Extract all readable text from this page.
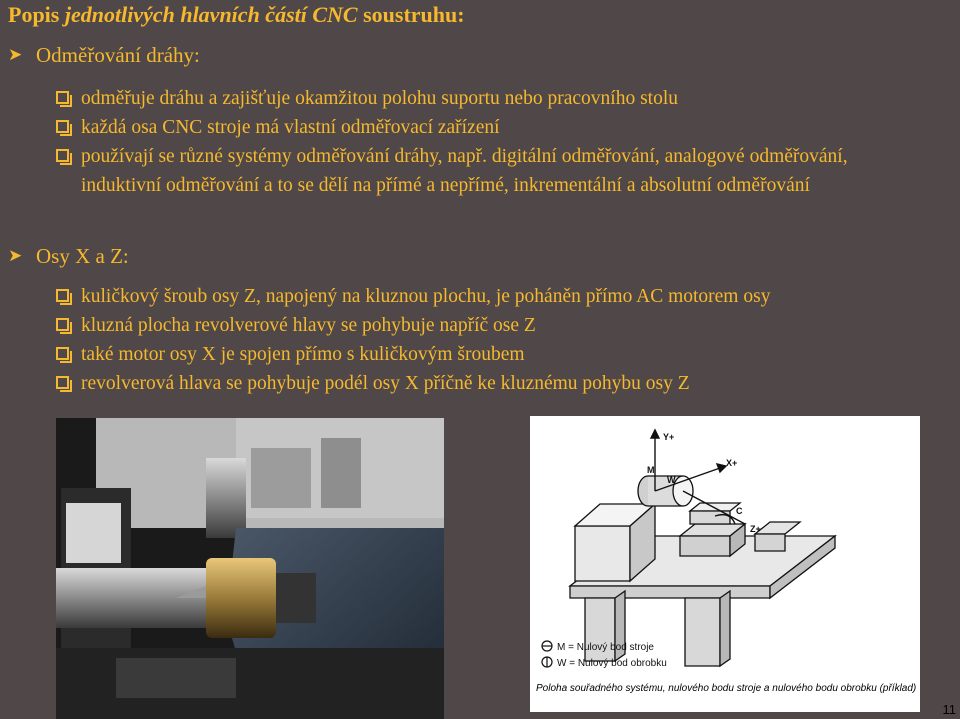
Popis jednotlivých hlavních částí CNC soustruhu:
➤ Odměřování dráhy:
odměřuje dráhu a zajišťuje okamžitou polohu suportu nebo pracovního stolu
každá osa CNC stroje má vlastní odměřovací zařízení
používají se různé systémy odměřování dráhy, např. digitální odměřování, analogové odměřování, induktivní odměřování a to se dělí na přímé a nepřímé, inkrementální a absolutní odměřování
➤ Osy X a Z:
kuličkový šroub osy Z, napojený na kluznou plochu, je poháněn přímo AC motorem osy
kluzná plocha revolverové hlavy se pohybuje napříč ose Z
také motor osy X je spojen přímo s kuličkovým šroubem
revolverová hlava se pohybuje podél osy X příčně ke kluznému pohybu osy Z
Y+
X+
Z+
C
M
W
M = Nulový bod stroje
W = Nulový bod obrobku
Poloha souřadného systému, nulového bodu stroje a nulového bodu obrobku (příklad)
11
